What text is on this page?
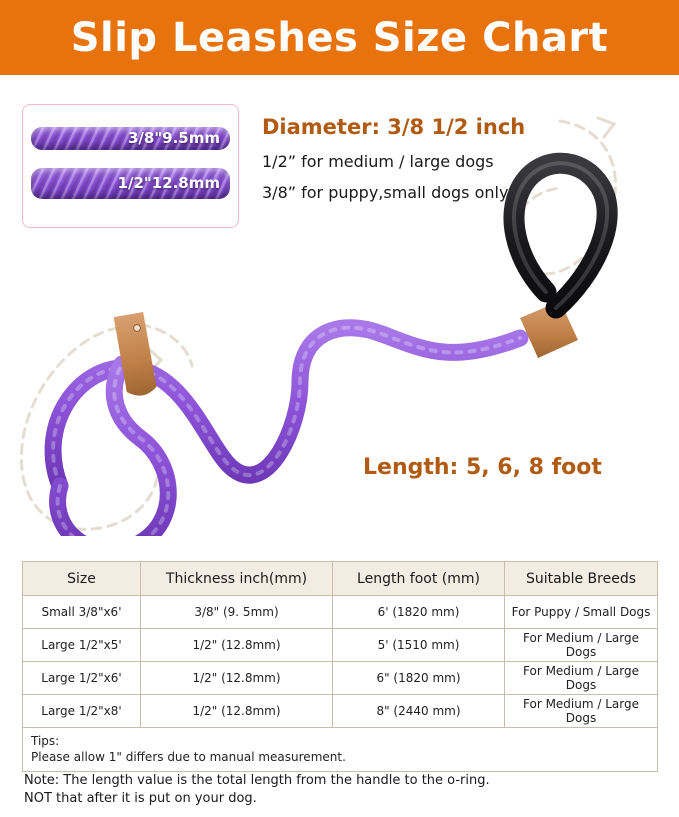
Slip Leashes Size Chart
3/8"9.5mm
1/2"12.8mm
Diameter: 3/8 1/2 inch
1/2” for medium / large dogs
3/8” for puppy,small dogs only
Length: 5, 6, 8 foot
Size	Thickness inch(mm)	Length foot (mm)	Suitable Breeds
Small 3/8"x6'	3/8" (9. 5mm)	6' (1820 mm)	For Puppy / Small Dogs
Large 1/2"x5'	1/2" (12.8mm)	5' (1510 mm)	For Medium / Large Dogs
Large 1/2"x6'	1/2" (12.8mm)	6" (1820 mm)	For Medium / Large Dogs
Large 1/2"x8'	1/2" (12.8mm)	8" (2440 mm)	For Medium / Large Dogs

Tips:
Please allow 1" differs due to manual measurement.			
Note: The length value is the total length from the handle to the o-ring.
NOT that after it is put on your dog.
